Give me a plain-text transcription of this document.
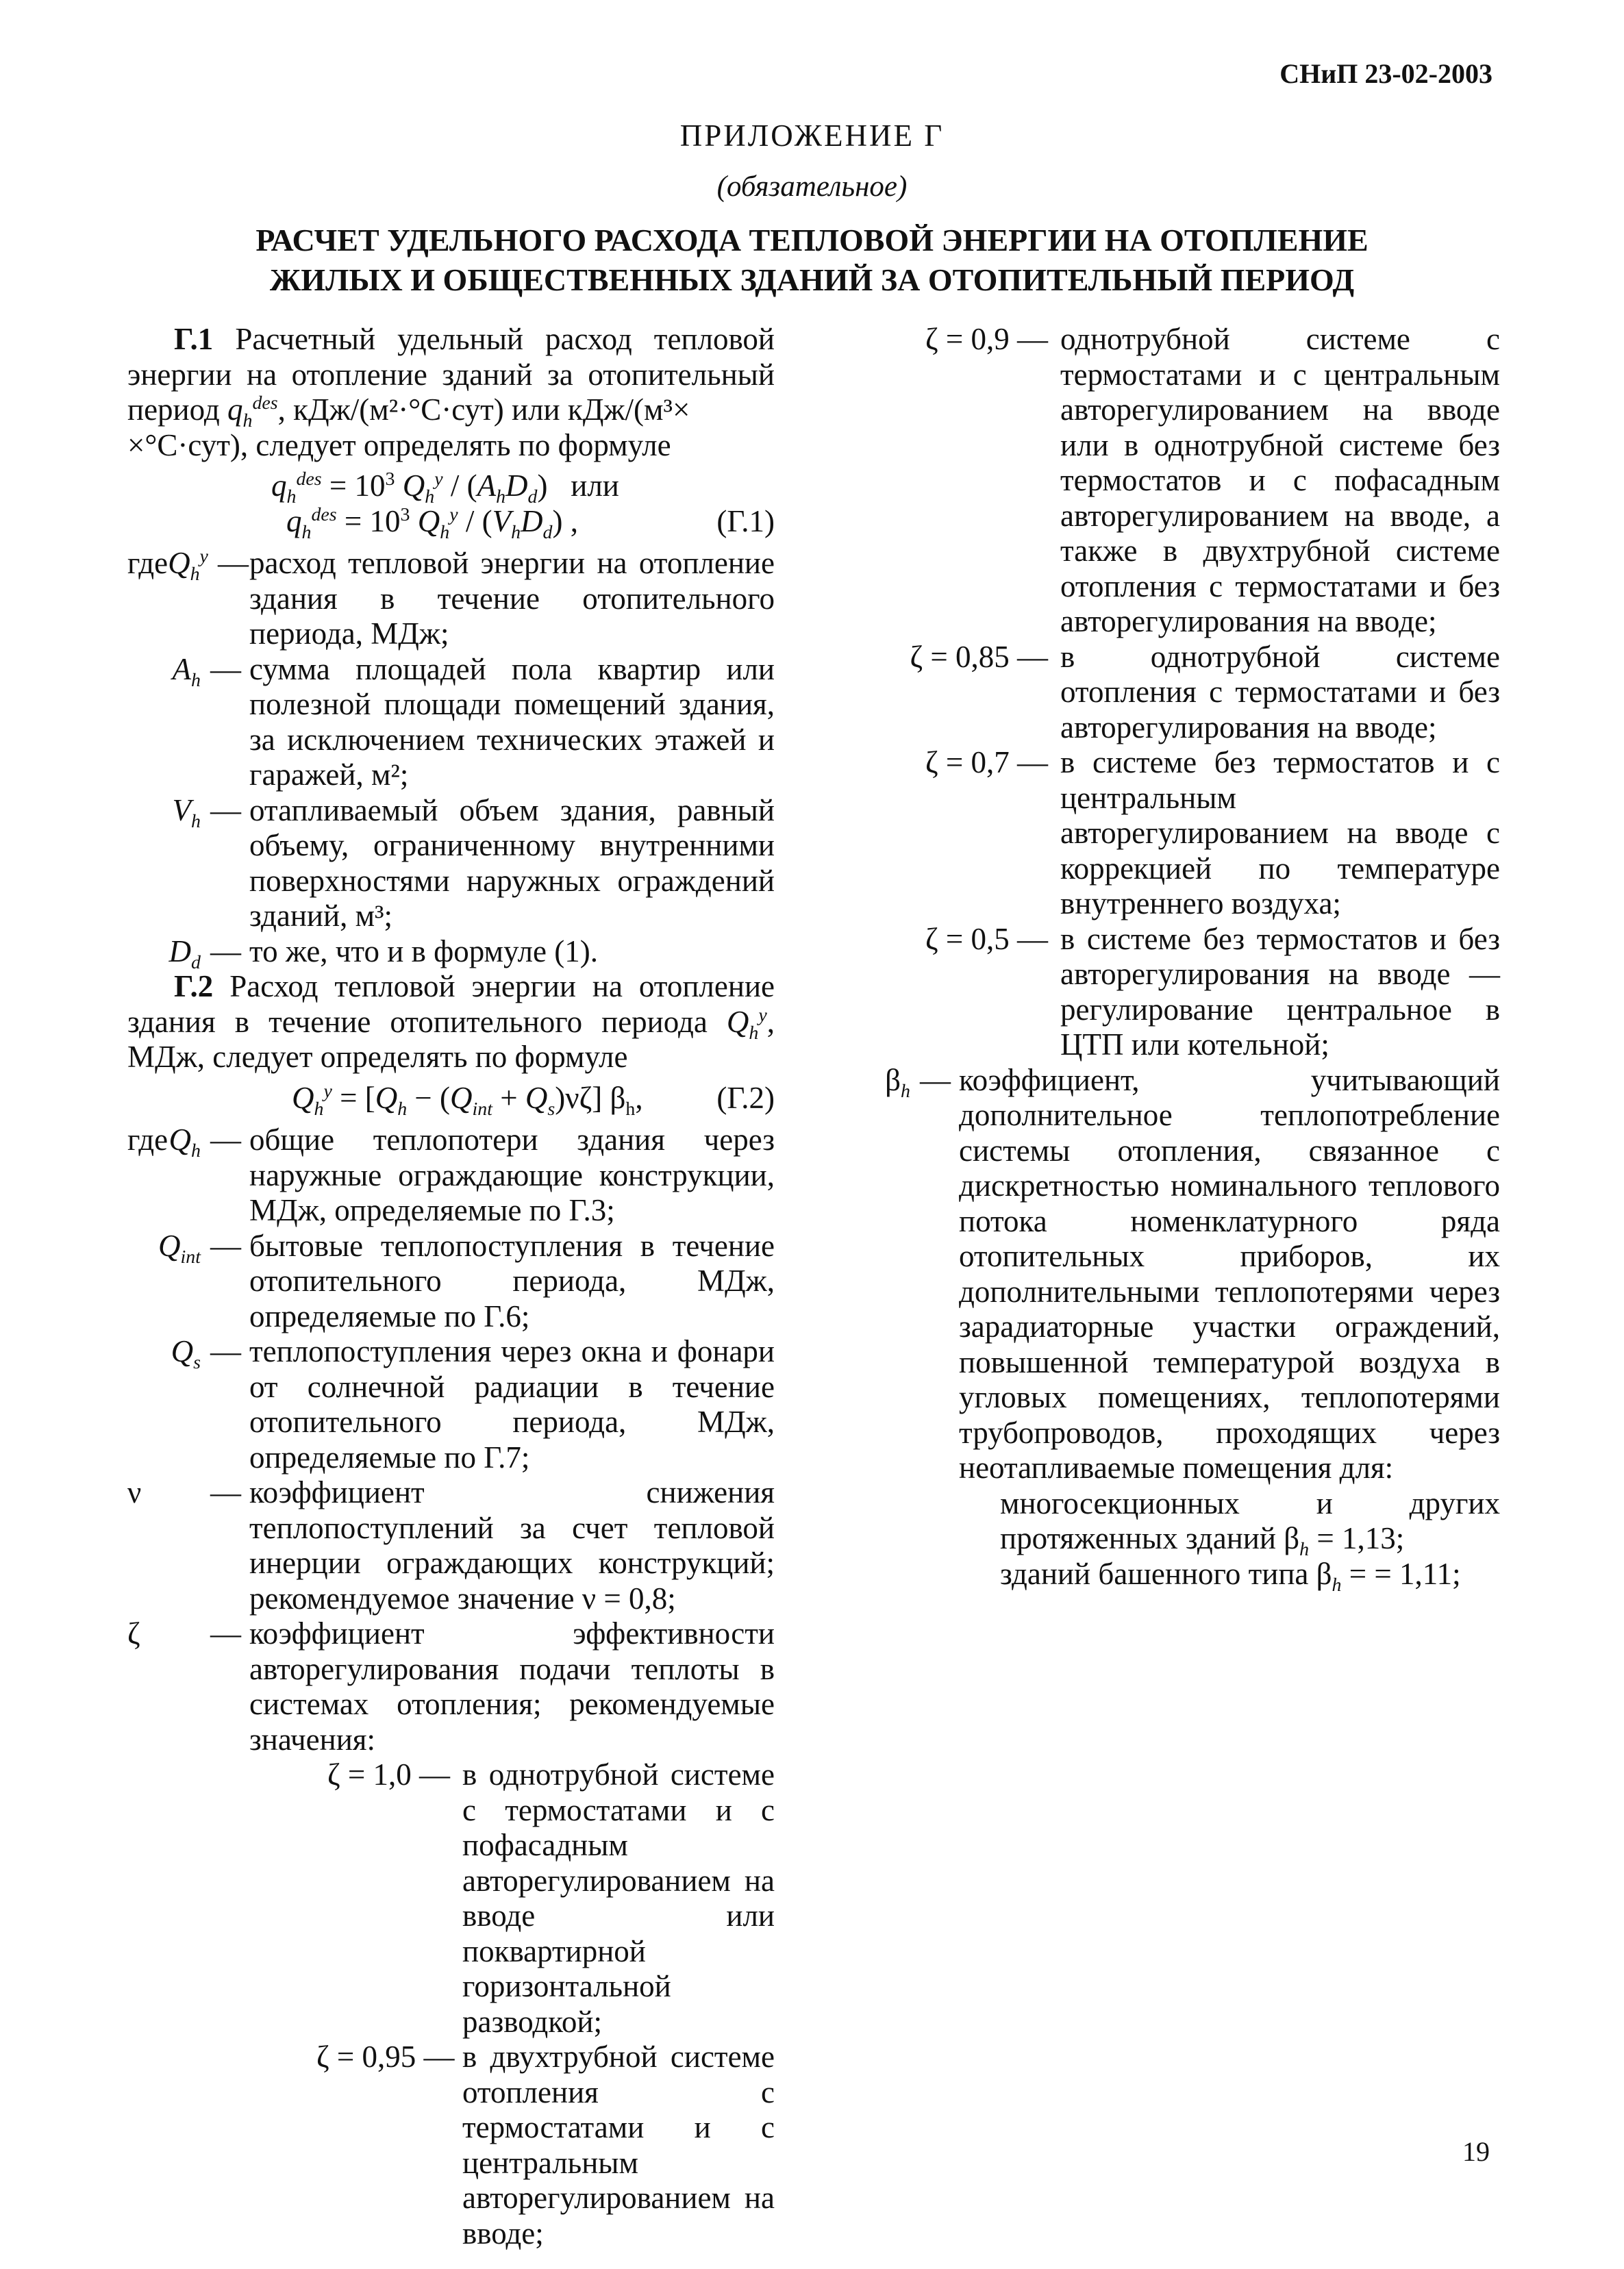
СНиП 23-02-2003
ПРИЛОЖЕНИЕ Г
(обязательное)
РАСЧЕТ УДЕЛЬНОГО РАСХОДА ТЕПЛОВОЙ ЭНЕРГИИ НА ОТОПЛЕНИЕ
ЖИЛЫХ И ОБЩЕСТВЕННЫХ ЗДАНИЙ ЗА ОТОПИТЕЛЬНЫЙ ПЕРИОД

Г.1 Расчетный удельный расход тепловой энергии на отопление зданий за отопительный период $q_h^{des}$, кДж/(м²·°С·сут) или кДж/(м³×
×°С·сут), следует определять по формуле

$q_h^{des} = 10^3$ $Q_h^y / (A_hD_d)$   или
$q_h^{des} = 10^3$ $Q_h^y / (V_hD_d)$ ,	(Г.1)
где $Q_h^y$ — расход тепловой энергии на отопление здания в течение отопительного периода, МДж;
$A_h$ — сумма площадей пола квартир или полезной площади помещений здания, за исключением технических этажей и гаражей, м²;
$V_h$ — отапливаемый объем здания, равный объему, ограниченному внутренними поверхностями наружных ограждений зданий, м³;
$D_d$ — то же, что и в формуле (1).

Г.2 Расход тепловой энергии на отопление здания в течение отопительного периода $Q_h^y$, МДж, следует определять по формуле

$Q_h^y = [Q_h - (Q_{int} + Q_s)\nu\zeta]$ $\beta_h$,	(Г.2)
где $Q_h$ — общие теплопотери здания через наружные ограждающие конструкции, МДж, определяемые по Г.3;
$Q_{int}$ — бытовые теплопоступления в течение отопительного периода, МДж, определяемые по Г.6;
$Q_s$ — теплопоступления через окна и фонари от солнечной радиации в течение отопительного периода, МДж, определяемые по Г.7;
ν — коэффициент снижения теплопоступлений за счет тепловой инерции ограждающих конструкций; рекомендуемое значение ν = 0,8;
ζ — коэффициент эффективности авторегулирования подачи теплоты в системах отопления; рекомендуемые значения:
ζ = 1,0 — в однотрубной системе с термостатами и с пофасадным авторегулированием на вводе или поквартирной горизонтальной разводкой;
ζ = 0,95 — в двухтрубной системе отопления с термостатами и с центральным авторегулированием на вводе;
ζ = 0,9 — однотрубной системе с термостатами и с центральным авторегулированием на вводе или в однотрубной системе без термостатов и с пофасадным авторегулированием на вводе, а также в двухтрубной системе отопления с термостатами и без авторегулирования на вводе;
ζ = 0,85 — в однотрубной системе отопления с термостатами и без авторегулирования на вводе;
ζ = 0,7 — в системе без термостатов и с центральным авторегулированием на вводе с коррекцией по температуре внутреннего воздуха;
ζ = 0,5 — в системе без термостатов и без авторегулирования на вводе — регулирование центральное в ЦТП или котельной;
$\beta_h$ — коэффициент, учитывающий дополнительное теплопотребление системы отопления, связанное с дискретностью номинального теплового потока номенклатурного ряда отопительных приборов, их дополнительными теплопотерями через зарадиаторные участки ограждений, повышенной температурой воздуха в угловых помещениях, теплопотерями трубопроводов, проходящих через неотапливаемые помещения для:
многосекционных и других протяженных зданий $\beta_h = 1,13$;
зданий башенного типа $\beta_h$ = = 1,11;
19
